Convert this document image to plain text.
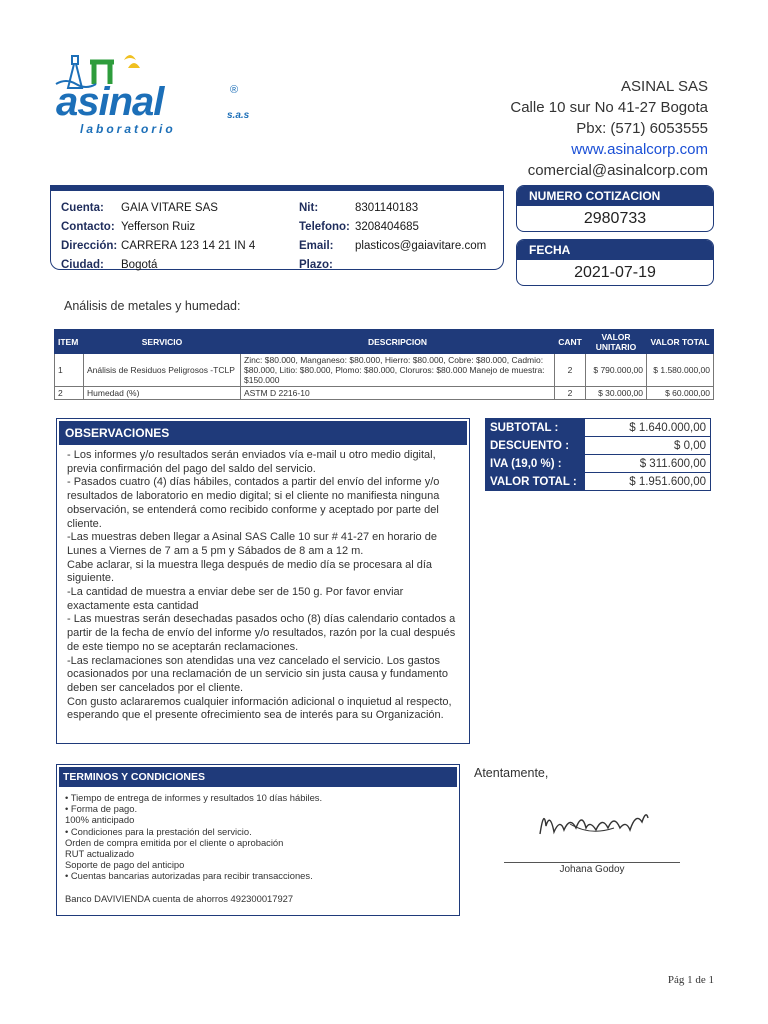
asinal	®
s.a.s
laboratorio
ASINAL SAS
Calle 10 sur No 41-27 Bogota
Pbx: (571) 6053555
www.asinalcorp.com
comercial@asinalcorp.com
Cuenta: GAIA VITARE SAS
Contacto: Yefferson Ruiz
Dirección: CARRERA 123 14 21 IN 4
Ciudad: Bogotá
Nit:	8301140183
Telefono: 3208404685
Email: plasticos@gaiavitare.com
Plazo:
NUMERO COTIZACION
2980733
FECHA
2021-07-19
Análisis de metales y humedad:
ITEM	SERVICIO	DESCRIPCION	CANT	VALOR UNITARIO	VALOR TOTAL
1	Análisis de Residuos Peligrosos -TCLP	Zinc: $80.000, Manganeso: $80.000, Hierro: $80.000, Cobre: $80.000, Cadmio: $80.000, Litio: $80.000, Plomo: $80.000, Cloruros: $80.000 Manejo de muestra: $150.000	2	$ 790.000,00	$ 1.580.000,00
2	Humedad (%)	ASTM D 2216-10	2	$ 30.000,00	$ 60.000,00
OBSERVACIONES

- Los informes y/o resultados serán enviados vía e-mail u otro medio digital, previa confirmación del pago del saldo del servicio.

- Pasados cuatro (4) días hábiles, contados a partir del envío del informe y/o resultados de laboratorio en medio digital; si el cliente no manifiesta ninguna observación, se entenderá como recibido conforme y aceptado por parte del cliente.

-Las muestras deben llegar a Asinal SAS Calle 10 sur # 41-27 en horario de Lunes a Viernes de 7 am a 5 pm y Sábados de 8 am a 12 m.

Cabe aclarar, si la muestra llega después de medio día se procesara al día siguiente.

-La cantidad de muestra a enviar debe ser de 150 g. Por favor enviar exactamente esta cantidad

- Las muestras serán desechadas pasados ocho (8) días calendario contados a partir de la fecha de envío del informe y/o resultados, razón por la cual después de este tiempo no se aceptarán reclamaciones.

-Las reclamaciones son atendidas una vez cancelado el servicio. Los gastos ocasionados por una reclamación de un servicio sin justa causa y fundamento deben ser cancelados por el cliente.

Con gusto aclararemos cualquier información adicional o inquietud al respecto, esperando que el presente ofrecimiento sea de interés para su Organización.

SUBTOTAL :	$ 1.640.000,00
DESCUENTO :	$ 0,00
IVA (19,0 %) :	$ 311.600,00
VALOR TOTAL :	$ 1.951.600,00
TERMINOS Y CONDICIONES

• Tiempo de entrega de informes y resultados 10 días hábiles.

• Forma de pago.

100% anticipado

• Condiciones para la prestación del servicio.

Orden de compra emitida por el cliente o aprobación

RUT actualizado

Soporte de pago del anticipo

• Cuentas bancarias autorizadas para recibir transacciones.

Banco DAVIVIENDA cuenta de ahorros 492300017927

Atentamente,
Johana Godoy
Pág 1 de 1
